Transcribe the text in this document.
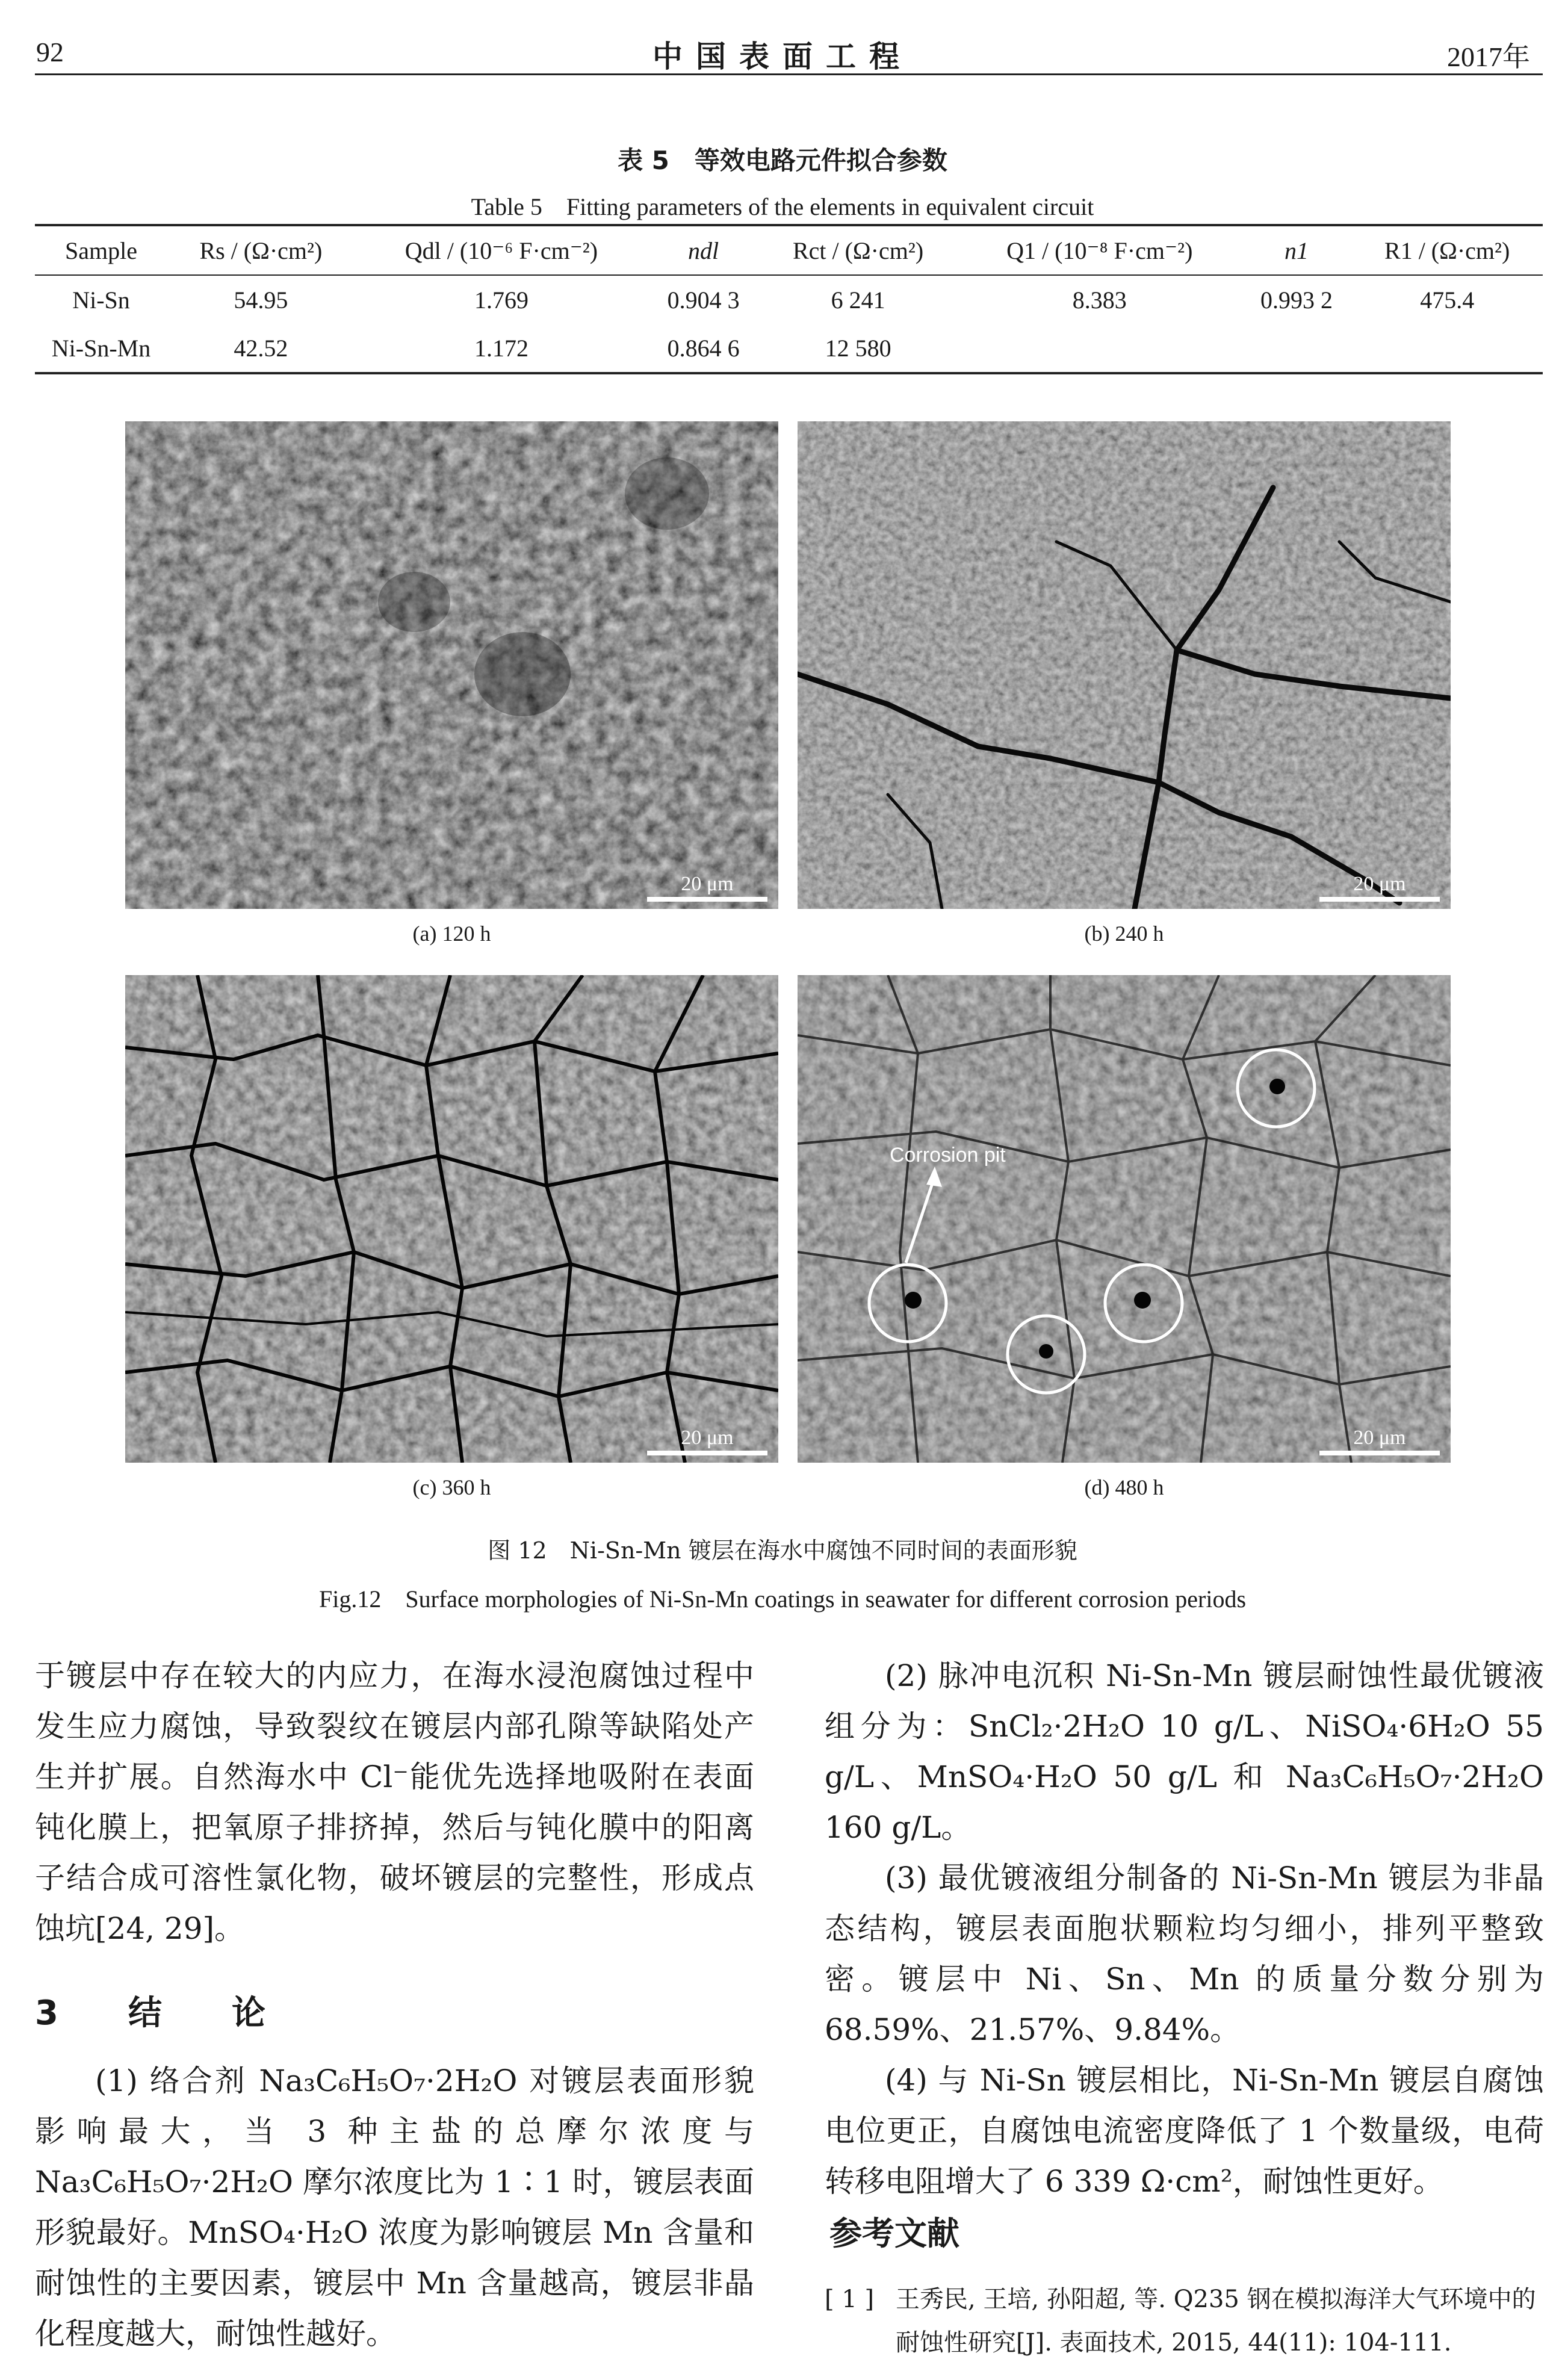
92	中国表面工程	2017年
表 5　等效电路元件拟合参数
Table 5　Fitting parameters of the elements in equivalent circuit
Sample	Rs / (Ω·cm²)	Qdl / (10⁻⁶ F·cm⁻²)	ndl	Rct / (Ω·cm²)	Q1 / (10⁻⁸ F·cm⁻²)	n1	R1 / (Ω·cm²)
Ni-Sn	54.95	1.769	0.904 3	6 241	8.383	0.993 2	475.4
Ni-Sn-Mn	42.52	1.172	0.864 6	12 580			
20 μm
(a) 120 h
20 μm
(b) 240 h
20 μm
(c) 360 h
20 μm
Corrosion pit
(d) 480 h
图 12　Ni-Sn-Mn 镀层在海水中腐蚀不同时间的表面形貌
Fig.12　Surface morphologies of Ni-Sn-Mn coatings in seawater for different corrosion periods

于镀层中存在较大的内应力，在海水浸泡腐蚀过程中发生应力腐蚀，导致裂纹在镀层内部孔隙等缺陷处产生并扩展。自然海水中 Cl⁻能优先选择地吸附在表面钝化膜上，把氧原子排挤掉，然后与钝化膜中的阳离子结合成可溶性氯化物，破坏镀层的完整性，形成点蚀坑[24, 29]。

3　结　论

(1) 络合剂 Na₃C₆H₅O₇·2H₂O 对镀层表面形貌影响最大，当 3 种主盐的总摩尔浓度与 Na₃C₆H₅O₇·2H₂O 摩尔浓度比为 1∶1 时，镀层表面形貌最好。MnSO₄·H₂O 浓度为影响镀层 Mn 含量和耐蚀性的主要因素，镀层中 Mn 含量越高，镀层非晶化程度越大，耐蚀性越好。

(2) 脉冲电沉积 Ni-Sn-Mn 镀层耐蚀性最优镀液组分为：SnCl₂·2H₂O 10 g/L、NiSO₄·6H₂O 55 g/L、MnSO₄·H₂O 50 g/L 和 Na₃C₆H₅O₇·2H₂O 160 g/L。

(3) 最优镀液组分制备的 Ni-Sn-Mn 镀层为非晶态结构，镀层表面胞状颗粒均匀细小，排列平整致密。镀层中 Ni、Sn、Mn 的质量分数分别为 68.59%、21.57%、9.84%。

(4) 与 Ni-Sn 镀层相比，Ni-Sn-Mn 镀层自腐蚀电位更正，自腐蚀电流密度降低了 1 个数量级，电荷转移电阻增大了 6 339 Ω·cm²，耐蚀性更好。

参考文献
[ 1 ] 王秀民, 王培, 孙阳超, 等. Q235 钢在模拟海洋大气环境中的耐蚀性研究[J]. 表面技术, 2015, 44(11): 104-111.
